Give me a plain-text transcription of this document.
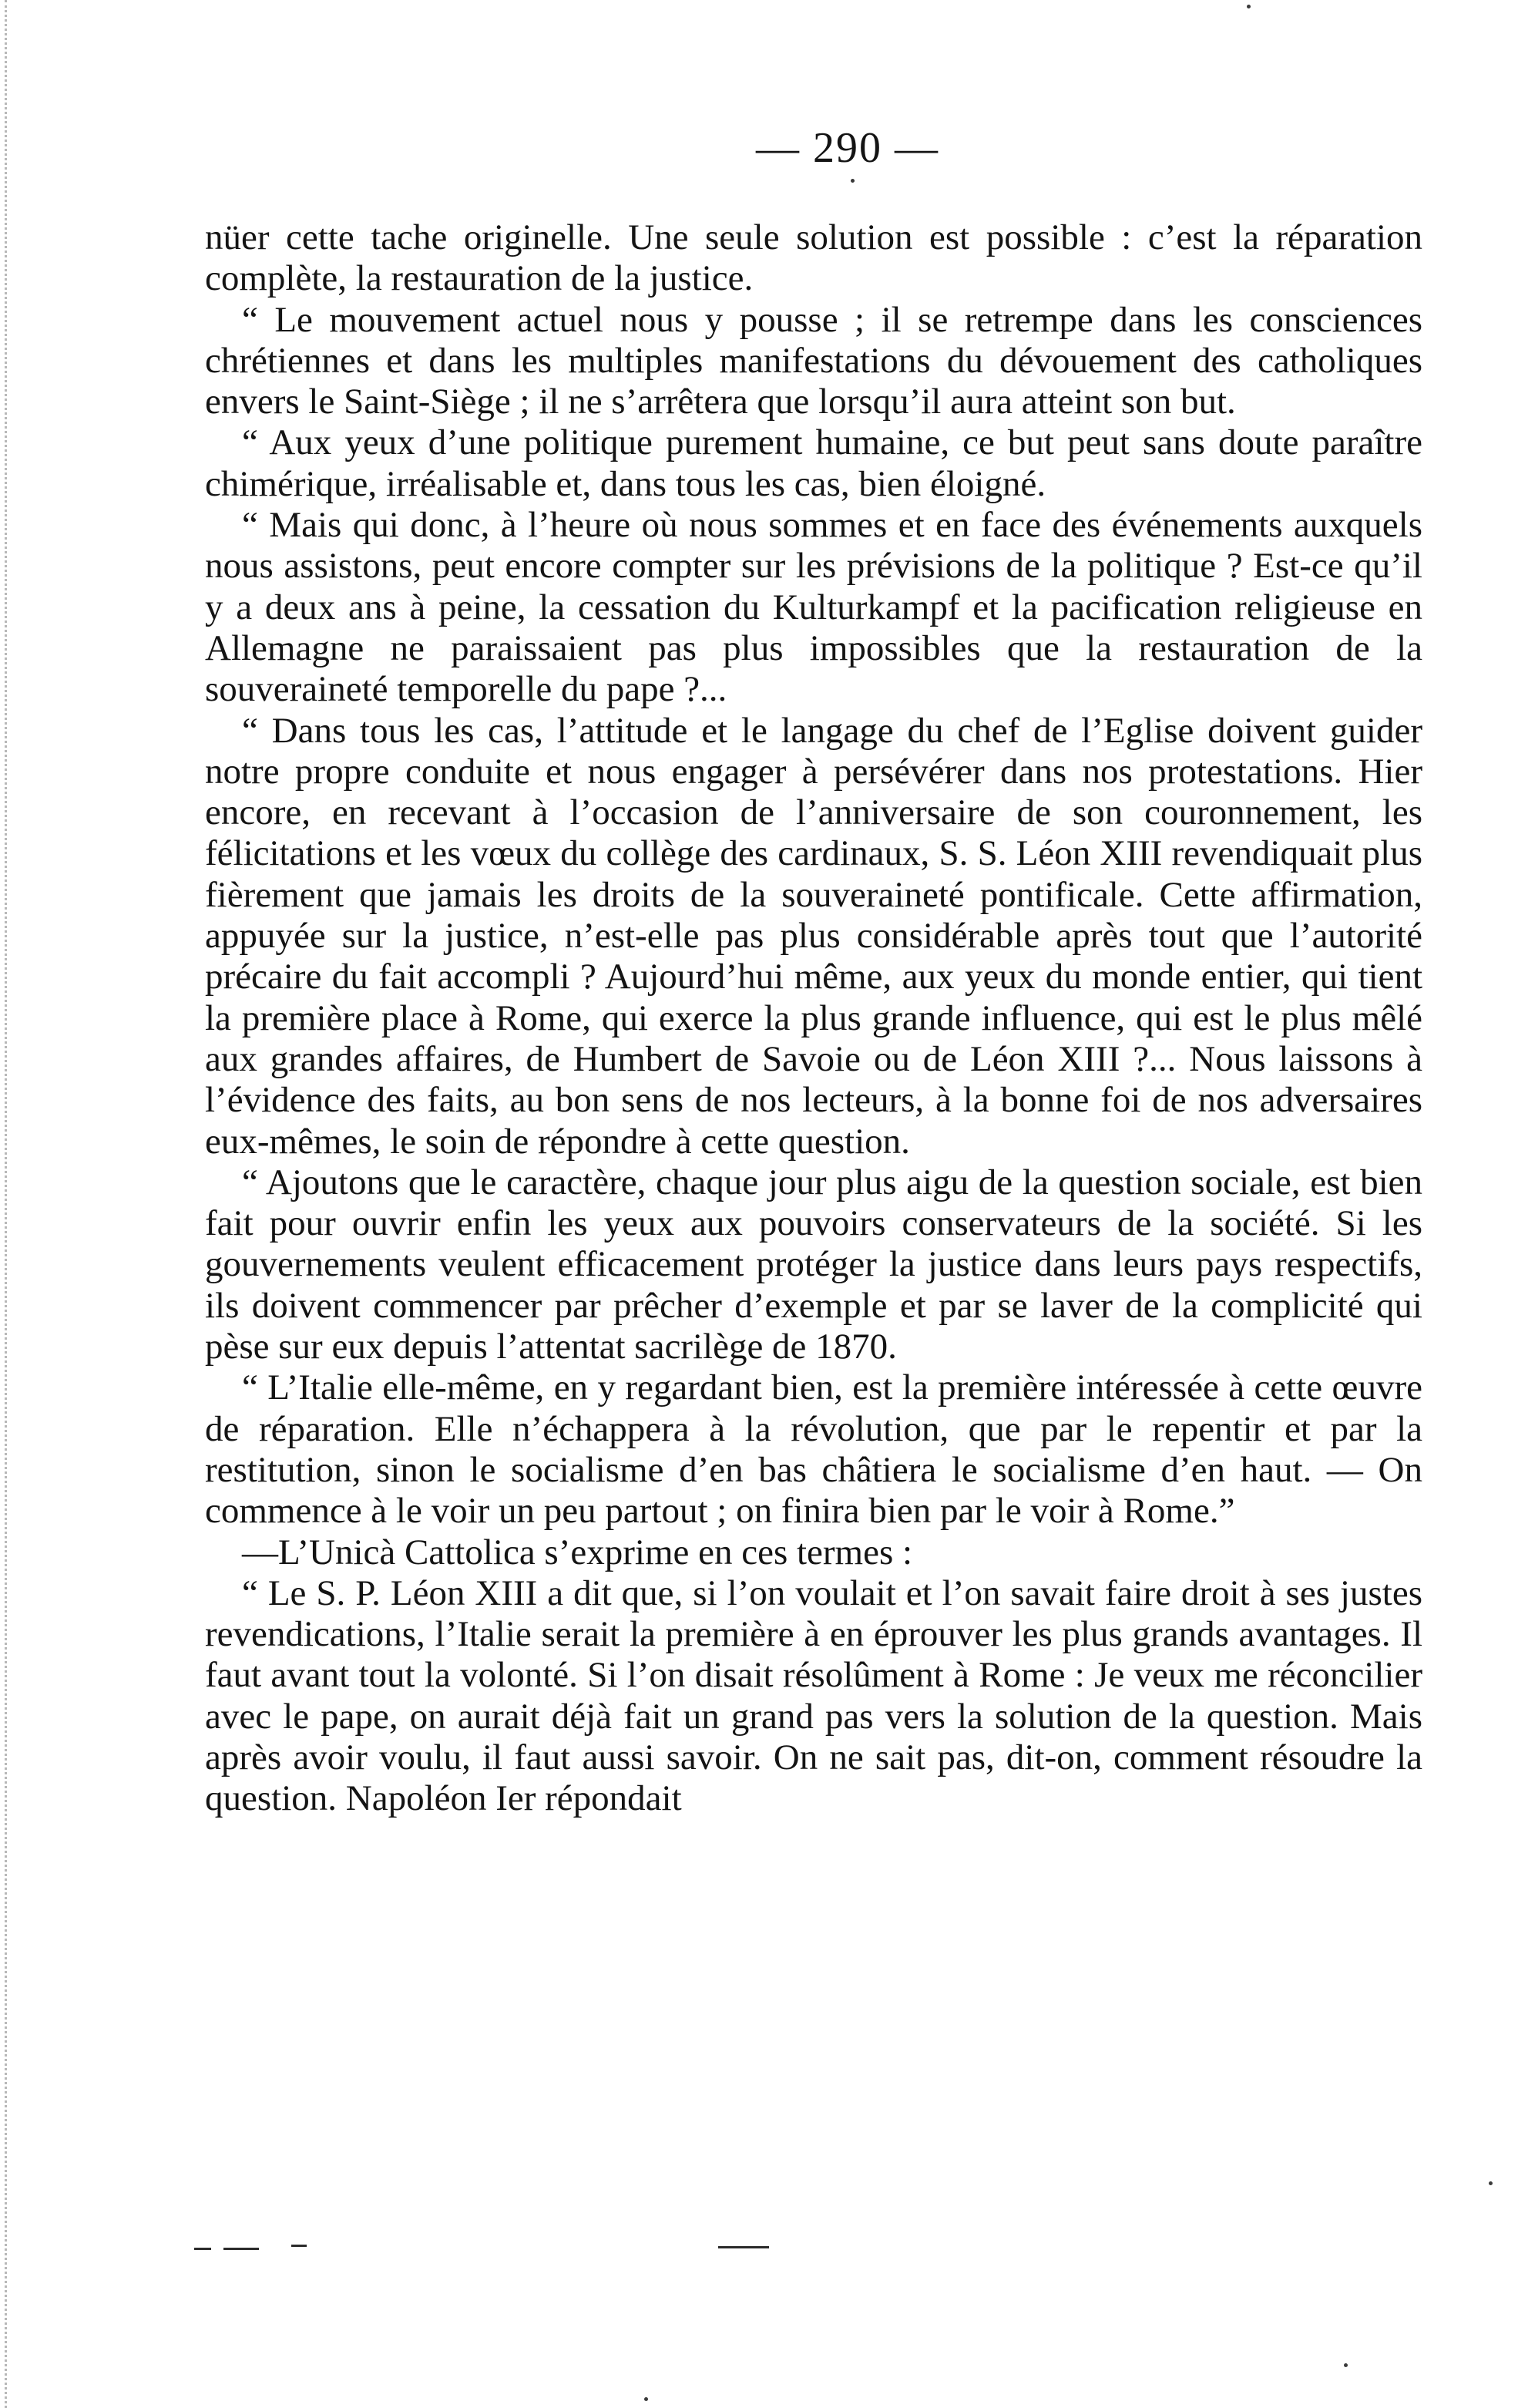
— 290 —

nüer cette tache originelle. Une seule solution est possible : c’est la réparation complète, la restauration de la justice.

“ Le mouvement actuel nous y pousse ; il se retrempe dans les consciences chrétiennes et dans les multiples manifestations du dévouement des catholiques envers le Saint-Siège ; il ne s’arrêtera que lorsqu’il aura atteint son but.

“ Aux yeux d’une politique purement humaine, ce but peut sans doute paraître chimérique, irréalisable et, dans tous les cas, bien éloigné.

“ Mais qui donc, à l’heure où nous sommes et en face des événements auxquels nous assistons, peut encore compter sur les prévisions de la politique ? Est-ce qu’il y a deux ans à peine, la cessation du Kulturkampf et la pacification religieuse en Allemagne ne paraissaient pas plus impossibles que la restauration de la souveraineté temporelle du pape ?...

“ Dans tous les cas, l’attitude et le langage du chef de l’Eglise doivent guider notre propre conduite et nous engager à persévérer dans nos protestations. Hier encore, en recevant à l’occasion de l’anniversaire de son couronnement, les félicitations et les vœux du collège des cardinaux, S. S. Léon XIII revendiquait plus fièrement que jamais les droits de la souveraineté pontificale. Cette affirmation, appuyée sur la justice, n’est-elle pas plus considérable après tout que l’autorité précaire du fait accompli ? Aujourd’hui même, aux yeux du monde entier, qui tient la première place à Rome, qui exerce la plus grande influence, qui est le plus mêlé aux grandes affaires, de Humbert de Savoie ou de Léon XIII ?... Nous laissons à l’évidence des faits, au bon sens de nos lecteurs, à la bonne foi de nos adversaires eux-mêmes, le soin de répondre à cette question.

“ Ajoutons que le caractère, chaque jour plus aigu de la question sociale, est bien fait pour ouvrir enfin les yeux aux pouvoirs conservateurs de la société. Si les gouvernements veulent efficacement protéger la justice dans leurs pays respectifs, ils doivent commencer par prêcher d’exemple et par se laver de la complicité qui pèse sur eux depuis l’attentat sacrilège de 1870.

“ L’Italie elle-même, en y regardant bien, est la première intéressée à cette œuvre de réparation. Elle n’échappera à la révolution, que par le repentir et par la restitution, sinon le socialisme d’en bas châtiera le socialisme d’en haut. — On commence à le voir un peu partout ; on finira bien par le voir à Rome.”

—L’Unicà Cattolica s’exprime en ces termes :

“ Le S. P. Léon XIII a dit que, si l’on voulait et l’on savait faire droit à ses justes revendications, l’Italie serait la première à en éprouver les plus grands avantages. Il faut avant tout la volonté. Si l’on disait résolûment à Rome : Je veux me réconcilier avec le pape, on aurait déjà fait un grand pas vers la solution de la question. Mais après avoir voulu, il faut aussi savoir. On ne sait pas, dit-on, comment résoudre la question. Napoléon Ier répondait
